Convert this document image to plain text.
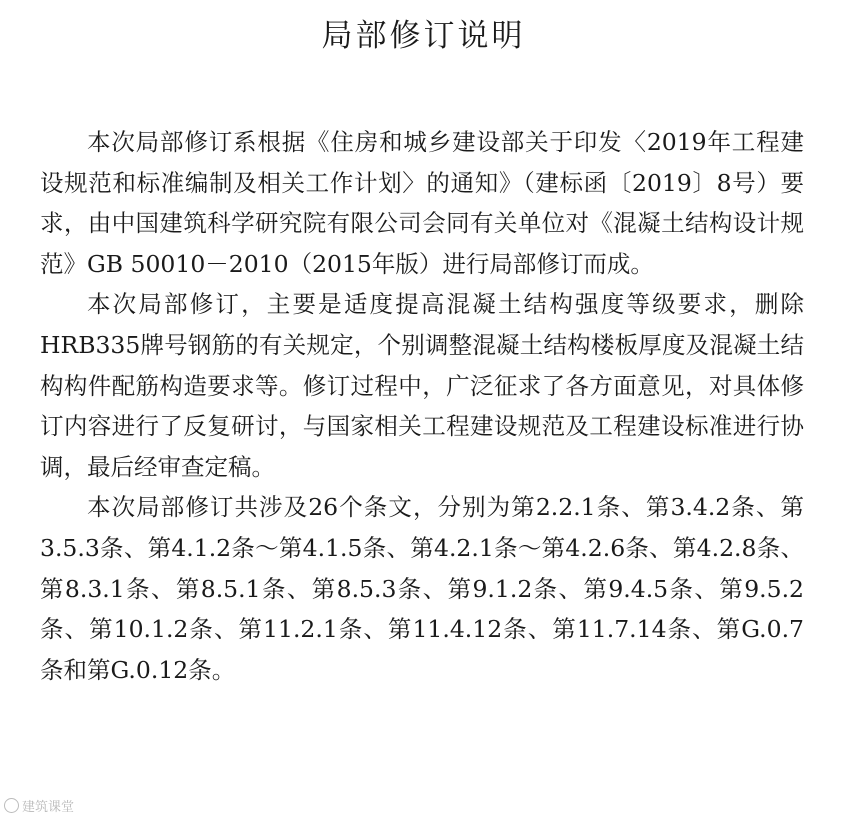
局部修订说明

本次局部修订系根据《住房和城乡建设部关于印发〈2019年工程建设规范和标准编制及相关工作计划〉的通知》（建标函〔2019〕8号）要求，由中国建筑科学研究院有限公司会同有关单位对《混凝土结构设计规范》GB 50010－2010（2015年版）进行局部修订而成。

本次局部修订，主要是适度提高混凝土结构强度等级要求，删除HRB335牌号钢筋的有关规定，个别调整混凝土结构楼板厚度及混凝土结构构件配筋构造要求等。修订过程中，广泛征求了各方面意见，对具体修订内容进行了反复研讨，与国家相关工程建设规范及工程建设标准进行协调，最后经审查定稿。

本次局部修订共涉及26个条文，分别为第2.2.1条、第3.4.2条、第3.5.3条、第4.1.2条～第4.1.5条、第4.2.1条～第4.2.6条、第4.2.8条、第8.3.1条、第8.5.1条、第8.5.3条、第9.1.2条、第9.4.5条、第9.5.2条、第10.1.2条、第11.2.1条、第11.4.12条、第11.7.14条、第G.0.7条和第G.0.12条。

建筑课堂
